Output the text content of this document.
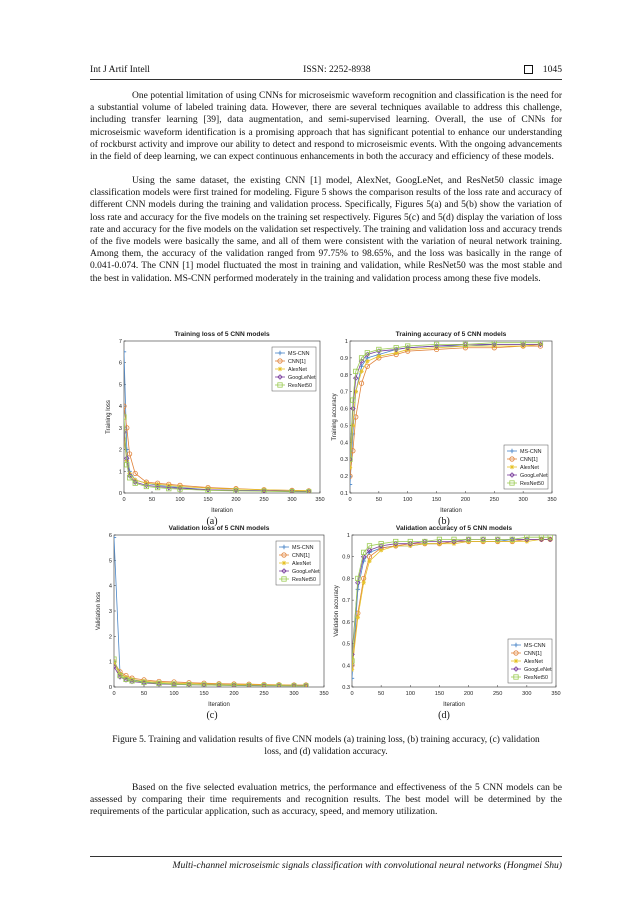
Int J Artif Intell	ISSN: 2252-8938	1045

One potential limitation of using CNNs for microseismic waveform recognition and classification is the need for a substantial volume of labeled training data. However, there are several techniques available to address this challenge, including transfer learning [39], data augmentation, and semi-supervised learning. Overall, the use of CNNs for microseismic waveform identification is a promising approach that has significant potential to enhance our understanding of rockburst activity and improve our ability to detect and respond to microseismic events. With the ongoing advancements in the field of deep learning, we can expect continuous enhancements in both the accuracy and efficiency of these models.

Using the same dataset, the existing CNN [1] model, AlexNet, GoogLeNet, and ResNet50 classic image classification models were first trained for modeling. Figure 5 shows the comparison results of the loss rate and accuracy of different CNN models during the training and validation process. Specifically, Figures 5(a) and 5(b) show the variation of loss rate and accuracy for the five models on the training set respectively. Figures 5(c) and 5(d) display the variation of loss rate and accuracy for the five models on the validation set respectively. The training and validation loss and accuracy trends of the five models were basically the same, and all of them were consistent with the variation of neural network training. Among them, the accuracy of the validation ranged from 97.75% to 98.65%, and the loss was basically in the range of 0.041-0.074. The CNN [1] model fluctuated the most in training and validation, while ResNet50 was the most stable and the best in validation. MS-CNN performed moderately in the training and validation process among these five models.

Training loss of 5 CNN models
0	50	100	150	200	250	300	350
0
1
2
3
4
5
6
7
Iteration
Training loss
MS-CNN
CNN[1]
AlexNet
GoogLeNet
ResNet50
Training accuracy of 5 CNN models
0	50	100	150	200	250	300	350
0.1
0.2
0.3
0.4
0.5
0.6
0.7
0.8
0.9
1
Iteration
Training accuracy
MS-CNN
CNN[1]
AlexNet
GoogLeNet
ResNet50
Validation loss of 5 CNN models
0	50	100	150	200	250	300	350
0
1
2
3
4
5
6
Iteration
Validation loss
MS-CNN
CNN[1]
AlexNet
GoogLeNet
ResNet50
Validation accuracy of 5 CNN models
0	50	100	150	200	250	300	350
0.3
0.4
0.5
0.6
0.7
0.8
0.9
1
Iteration
Validation accuracy
MS-CNN
CNN[1]
AlexNet
GoogLeNet
ResNet50
(a)	(b)
(c)	(d)
Figure 5. Training and validation results of five CNN models (a) training loss, (b) training accuracy, (c) validation loss, and (d) validation accuracy.

Based on the five selected evaluation metrics, the performance and effectiveness of the 5 CNN models can be assessed by comparing their time requirements and recognition results. The best model will be determined by the requirements of the particular application, such as accuracy, speed, and memory utilization.

Multi-channel microseismic signals classification with convolutional neural networks (Hongmei Shu)
